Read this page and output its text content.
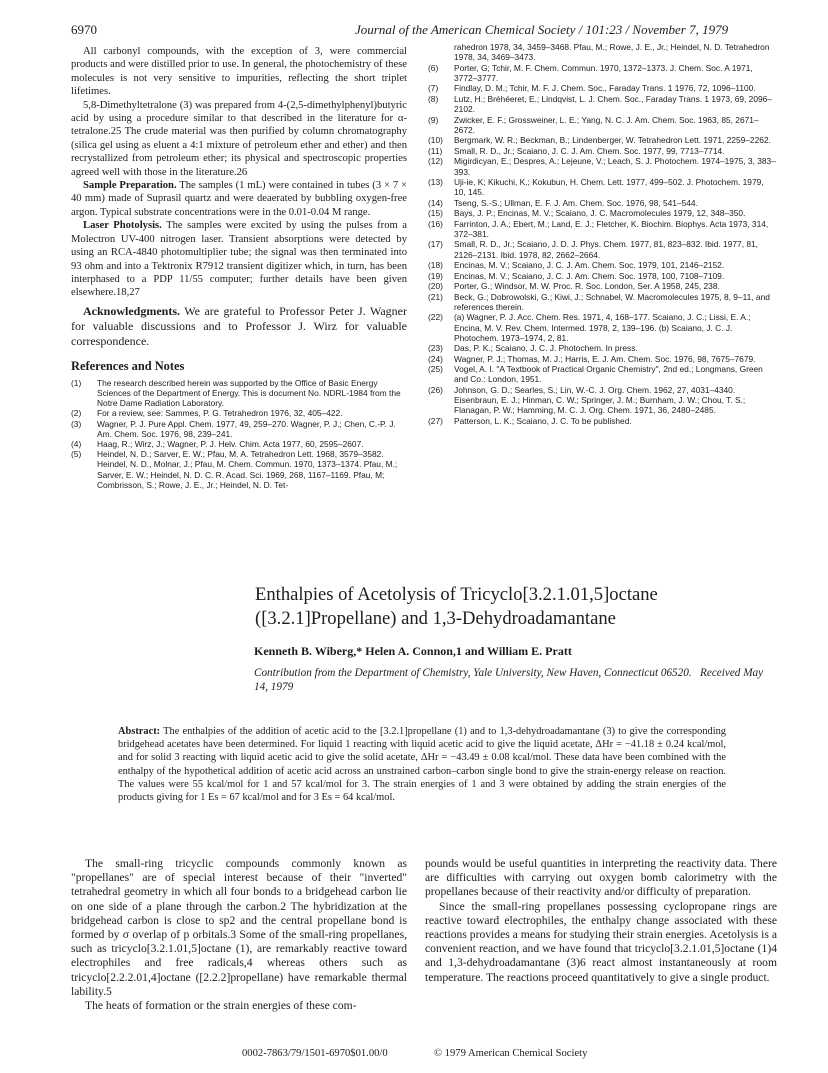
6970	Journal of the American Chemical Society / 101:23 / November 7, 1979

All carbonyl compounds, with the exception of 3, were commercial products and were distilled prior to use. In general, the photochemistry of these molecules is not very sensitive to impurities, reflecting the short triplet lifetimes.

5,8-Dimethyltetralone (3) was prepared from 4-(2,5-dimethylphenyl)butyric acid by using a procedure similar to that described in the literature for α-tetralone.25 The crude material was then purified by column chromatography (silica gel using as eluent a 4:1 mixture of petroleum ether and ether) and then recrystallized from petroleum ether; its physical and spectroscopic properties agreed well with those in the literature.26

Sample Preparation. The samples (1 mL) were contained in tubes (3 × 7 × 40 mm) made of Suprasil quartz and were deaerated by bubbling oxygen-free argon. Typical substrate concentrations were in the 0.01-0.04 M range.

Laser Photolysis. The samples were excited by using the pulses from a Molectron UV-400 nitrogen laser. Transient absorptions were detected by using an RCA-4840 photomultiplier tube; the signal was then terminated into 93 ohm and into a Tektronix R7912 transient digitizer which, in turn, has been interphased to a PDP 11/55 computer; further details have been given elsewhere.18,27

Acknowledgments. We are grateful to Professor Peter J. Wagner for valuable discussions and to Professor J. Wirz for valuable correspondence.

References and Notes
(1)	The research described herein was supported by the Office of Basic Energy Sciences of the Department of Energy. This is document No. NDRL-1984 from the Notre Dame Radiation Laboratory.
(2)	For a review, see: Sammes, P. G. Tetrahedron 1976, 32, 405–422.
(3)	Wagner, P. J. Pure Appl. Chem. 1977, 49, 259–270. Wagner, P. J.; Chen, C.-P. J. Am. Chem. Soc. 1976, 98, 239–241.
(4)	Haag, R.; Wirz, J.; Wagner, P. J. Helv. Chim. Acta 1977, 60, 2595–2607.
(5)	Heindel, N. D.; Sarver, E. W.; Pfau, M. A. Tetrahedron Lett. 1968, 3579–3582. Heindel, N. D., Molnar, J.; Pfau, M. Chem. Commun. 1970, 1373–1374. Pfau, M.; Sarver, E. W.; Heindel, N. D. C. R. Acad. Sci. 1969, 268, 1167–1169. Pfau, M; Combrisson, S.; Rowe, J. E., Jr.; Heindel, N. D. Tet-
rahedron 1978, 34, 3459–3468. Pfau, M.; Rowe, J. E., Jr.; Heindel, N. D. Tetrahedron 1978, 34, 3469–3473.
(6)	Porter, G; Tchir, M. F. Chem. Commun. 1970, 1372–1373. J. Chem. Soc. A 1971, 3772–3777.
(7)	Findlay, D. M.; Tchir, M. F. J. Chem. Soc., Faraday Trans. 1 1976, 72, 1096–1100.
(8)	Lutz, H.; Bréhéeret, E.; Lindqvist, L. J. Chem. Soc., Faraday Trans. 1 1973, 69, 2096–2102.
(9)	Zwicker, E. F.; Grossweiner, L. E.; Yang, N. C. J. Am. Chem. Soc. 1963, 85, 2671–2672.
(10)	Bergmark, W. R.; Beckman, B.; Lindenberger, W. Tetrahedron Lett. 1971, 2259–2262.
(11)	Small, R. D., Jr.; Scaiano, J. C. J. Am. Chem. Soc. 1977, 99, 7713–7714.
(12)	Migirdicyan, E.; Despres, A.; Lejeune, V.; Leach, S. J. Photochem. 1974–1975, 3, 383–393.
(13)	Uji-ie, K; Kikuchi, K.; Kokubun, H. Chem. Lett. 1977, 499–502. J. Photochem. 1979, 10, 145.
(14)	Tseng, S.-S.; Ullman, E. F. J. Am. Chem. Soc. 1976, 98, 541–544.
(15)	Bays, J. P.; Encinas, M. V.; Scaiano, J. C. Macromolecules 1979, 12, 348–350.
(16)	Farrinton, J. A.; Ebert, M.; Land, E. J.; Fletcher, K. Biochim. Biophys. Acta 1973, 314, 372–381.
(17)	Small, R. D., Jr.; Scaiano, J. D. J. Phys. Chem. 1977, 81, 823–832. Ibid. 1977, 81, 2126–2131. Ibid. 1978, 82, 2662–2664.
(18)	Encinas, M. V.; Scaiano, J. C. J. Am. Chem. Soc. 1979, 101, 2146–2152.
(19)	Encinas, M. V.; Scaiano, J. C. J. Am. Chem. Soc. 1978, 100, 7108–7109.
(20)	Porter, G.; Windsor, M. W. Proc. R. Soc. London, Ser. A 1958, 245, 238.
(21)	Beck, G.; Dobrowolski, G.; Kiwi, J.; Schnabel, W. Macromolecules 1975, 8, 9–11, and references therein.
(22)	(a) Wagner, P. J. Acc. Chem. Res. 1971, 4, 168–177. Scaiano, J. C.; Lissi, E. A.; Encina, M. V. Rev. Chem. Intermed. 1978, 2, 139–196. (b) Scaiano, J. C. J. Photochem. 1973–1974, 2, 81.
(23)	Das, P. K.; Scaiano, J. C. J. Photochem. In press.
(24)	Wagner, P. J.; Thomas, M. J.; Harris, E. J. Am. Chem. Soc. 1976, 98, 7675–7679.
(25)	Vogel, A. I. "A Textbook of Practical Organic Chemistry", 2nd ed.; Longmans, Green and Co.: London, 1951.
(26)	Johnson, G. D.; Searles, S.; Lin, W.-C. J. Org. Chem. 1962, 27, 4031–4340. Eisenbraun, E. J.; Hinman, C. W.; Springer, J. M.; Burnham, J. W.; Chou, T. S.; Flanagan, P. W.; Hamming, M. C. J. Org. Chem. 1971, 36, 2480–2485.
(27)	Patterson, L. K.; Scaiano, J. C. To be published.
Enthalpies of Acetolysis of Tricyclo[3.2.1.01,5]octane ([3.2.1]Propellane) and 1,3-Dehydroadamantane
Kenneth B. Wiberg,* Helen A. Connon,1 and William E. Pratt
Contribution from the Department of Chemistry, Yale University, New Haven, Connecticut 06520. Received May 14, 1979
Abstract: The enthalpies of the addition of acetic acid to the [3.2.1]propellane (1) and to 1,3-dehydroadamantane (3) to give the corresponding bridgehead acetates have been determined. For liquid 1 reacting with liquid acetic acid to give the liquid acetate, ΔHr = −41.18 ± 0.24 kcal/mol, and for solid 3 reacting with liquid acetic acid to give the solid acetate, ΔHr = −43.49 ± 0.08 kcal/mol. These data have been combined with the enthalpy of the hypothetical addition of acetic acid across an unstrained carbon–carbon single bond to give the strain-energy release on reaction. The values were 55 kcal/mol for 1 and 57 kcal/mol for 3. The strain energies of 1 and 3 were obtained by adding the strain energies of the products giving for 1 Es = 67 kcal/mol and for 3 Es = 64 kcal/mol.

The small-ring tricyclic compounds commonly known as "propellanes" are of special interest because of their "inverted" tetrahedral geometry in which all four bonds to a bridgehead carbon lie on one side of a plane through the carbon.2 The hybridization at the bridgehead carbon is close to sp2 and the central propellane bond is formed by σ overlap of p orbitals.3 Some of the small-ring propellanes, such as tricyclo[3.2.1.01,5]octane (1), are remarkably reactive toward electrophiles and free radicals,4 whereas others such as tricyclo[2.2.2.01,4]octane ([2.2.2]propellane) have remarkable thermal lability.5

The heats of formation or the strain energies of these com-

pounds would be useful quantities in interpreting the reactivity data. There are difficulties with carrying out oxygen bomb calorimetry with the propellanes because of their reactivity and/or difficulty of preparation.

Since the small-ring propellanes possessing cyclopropane rings are reactive toward electrophiles, the enthalpy change associated with these reactions provides a means for studying their strain energies. Acetolysis is a convenient reaction, and we have found that tricyclo[3.2.1.01,5]octane (1)4 and 1,3-dehydroadamantane (3)6 react almost instantaneously at room temperature. The reactions proceed quantitatively to give a single product.

0002-7863/79/1501-6970$01.00/0	© 1979 American Chemical Society
